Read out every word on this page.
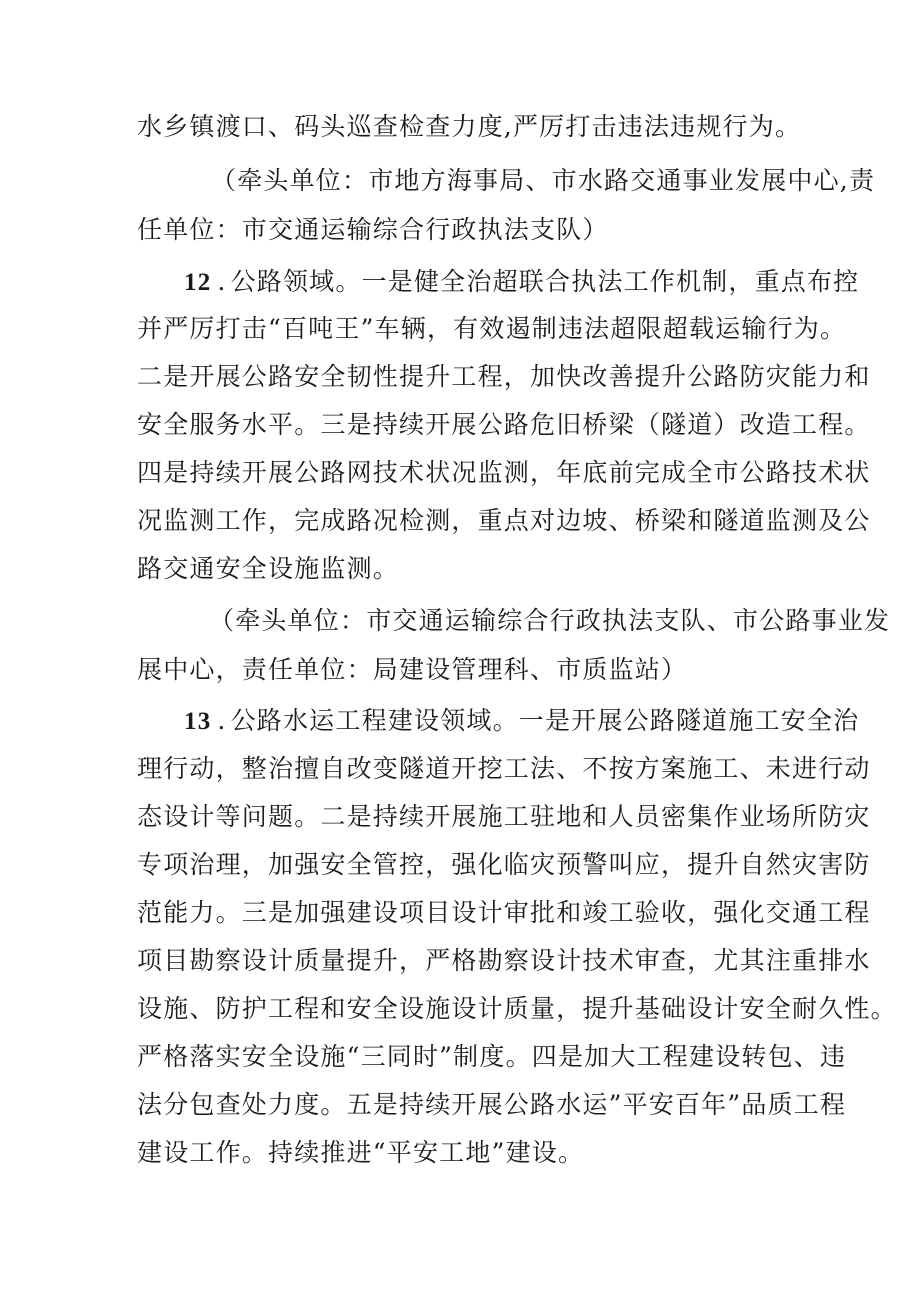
水乡镇渡口、码头巡查检查力度,严厉打击违法违规行为。
（牵头单位：市地方海事局、市水路交通事业发展中心,责
任单位：市交通运输综合行政执法支队）
12 . 公路领域。一是健全治超联合执法工作机制，重点布控
并严厉打击“百吨王”车辆，有效遏制违法超限超载运输行为。
二是开展公路安全韧性提升工程，加快改善提升公路防灾能力和
安全服务水平。三是持续开展公路危旧桥梁（隧道）改造工程。
四是持续开展公路网技术状况监测，年底前完成全市公路技术状
况监测工作，完成路况检测，重点对边坡、桥梁和隧道监测及公
路交通安全设施监测。
（牵头单位：市交通运输综合行政执法支队、市公路事业发
展中心，责任单位：局建设管理科、市质监站）
13 . 公路水运工程建设领域。一是开展公路隧道施工安全治
理行动，整治擅自改变隧道开挖工法、不按方案施工、未进行动
态设计等问题。二是持续开展施工驻地和人员密集作业场所防灾
专项治理，加强安全管控，强化临灾预警叫应，提升自然灾害防
范能力。三是加强建设项目设计审批和竣工验收，强化交通工程
项目勘察设计质量提升，严格勘察设计技术审查，尤其注重排水
设施、防护工程和安全设施设计质量，提升基础设计安全耐久性。
严格落实安全设施“三同时”制度。四是加大工程建设转包、违
法分包查处力度。五是持续开展公路水运”平安百年”品质工程
建设工作。持续推进“平安工地”建设。
